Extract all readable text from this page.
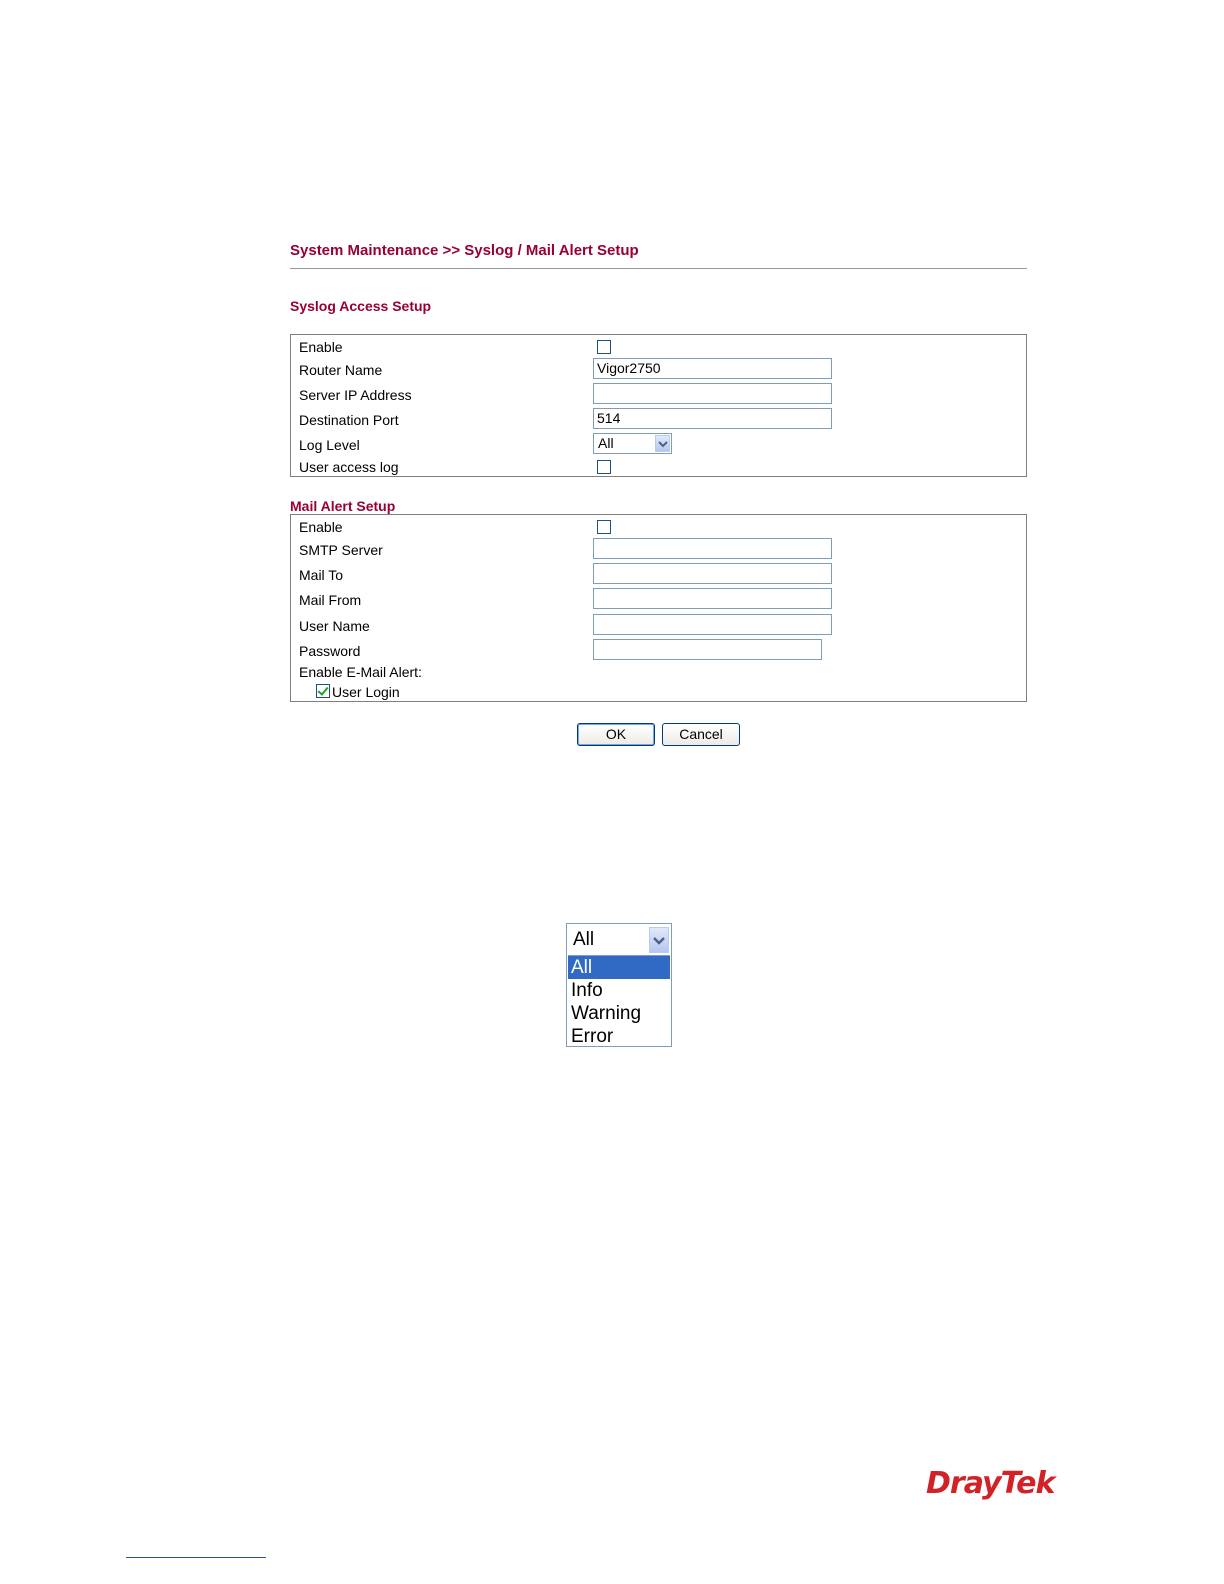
System Maintenance >> Syslog / Mail Alert Setup
Syslog Access Setup
Enable
Router Name	Vigor2750
Server IP Address
Destination Port	514
Log Level	All
User access log
Mail Alert Setup
Enable
SMTP Server
Mail To
Mail From
User Name
Password
Enable E-Mail Alert:
User Login
OK	Cancel
All
All
Info
Warning
Error
DrayTek
